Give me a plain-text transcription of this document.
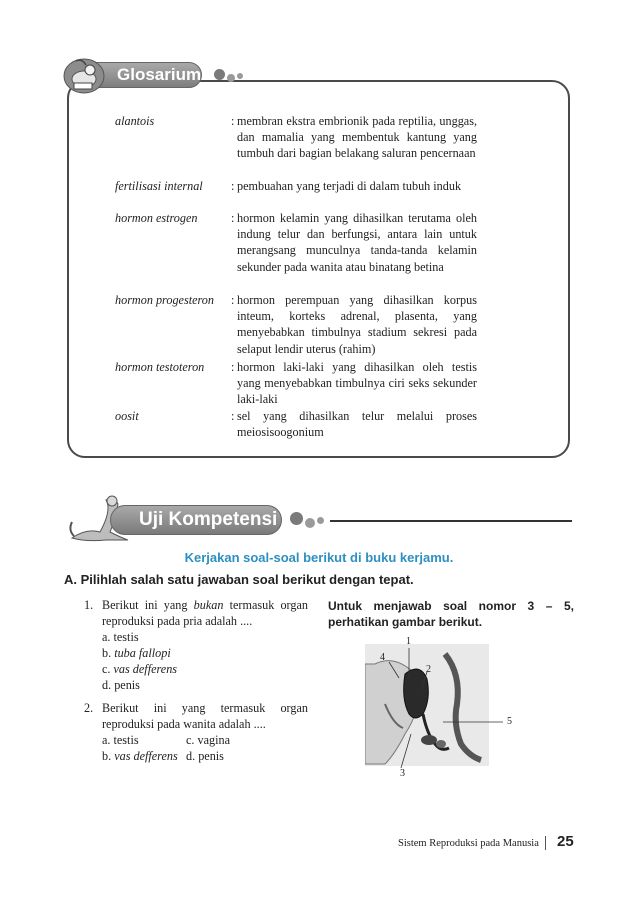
Glosarium
alantois	: membran ekstra embrionik pada reptilia, unggas, dan mamalia yang membentuk kantung yang tumbuh dari bagian belakang saluran pencernaan
fertilisasi internal	: pembuahan yang terjadi di dalam tubuh induk
hormon estrogen	: hormon kelamin yang dihasilkan terutama oleh indung telur dan berfungsi, antara lain untuk merangsang munculnya tanda-tanda kelamin sekunder pada wanita atau binatang betina
hormon progesteron	: hormon perempuan yang dihasilkan korpus inteum, korteks adrenal, plasenta, yang menyebabkan timbulnya stadium sekresi pada selaput lendir uterus (rahim)
hormon testoteron	: hormon laki-laki yang dihasilkan oleh testis yang menyebabkan timbulnya ciri seks sekunder laki-laki
oosit	: sel yang dihasilkan telur melalui proses meiosisoogonium
Uji Kompetensi
Kerjakan soal-soal berikut di buku kerjamu.
A. Pilihlah salah satu jawaban soal berikut dengan tepat.
1. Berikut ini yang bukan termasuk organ reproduksi pada pria adalah ....
a. testis
b. tuba fallopi
c. vas defferens
d. penis
2. Berikut ini yang termasuk organ reproduksi pada wanita adalah ....
a. testis
b. vas defferens
c. vagina
d. penis
Untuk menjawab soal nomor 3 – 5, perhatikan gambar berikut.
1
2
3
4
5
Sistem Reproduksi pada Manusia 25
